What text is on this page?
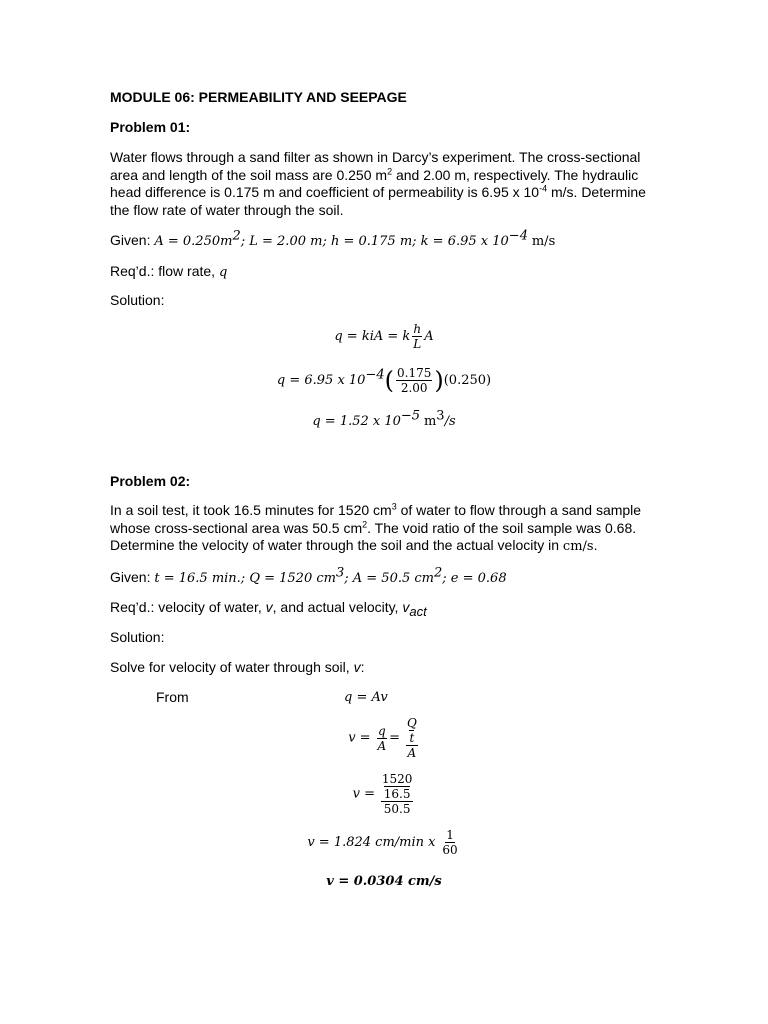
MODULE 06: PERMEABILITY AND SEEPAGE
Problem 01:
Water flows through a sand filter as shown in Darcy’s experiment. The cross-sectional
area and length of the soil mass are 0.250 $m^2$ and 2.00 m, respectively. The hydraulic
head difference is 0.175 m and coefficient of permeability is 6.95 x $10^{-4}$ m/s. Determine
the flow rate of water through the soil.
Given: $A = 0.250m^2$; L = 2.00 m; h = 0.175 m; k = 6.95 x $10^{-4}$ m/s
Req’d.: flow rate, q
Solution:
q = kiA = k $\frac{h}{L}$ A
q = 6.95 x $10^{-4}( \frac{0.175}{2.00} )(0.250)$
q = 1.52 x $10^{-5}$ $m^3/s$
Problem 02:
In a soil test, it took 16.5 minutes for 1520 $cm^3$ of water to flow through a sand sample
whose cross-sectional area was 50.5 $cm^2$. The void ratio of the soil sample was 0.68.
Determine the velocity of water through the soil and the actual velocity in cm/s.
Given: t = 16.5 min.; Q = 1520 $cm^3$; A = 50.5 $cm^2$; e = 0.68
Req’d.: velocity of water, v, and actual velocity, $v_{act}$
Solution:
Solve for velocity of water through soil, v:
From	q = Av
$v = \frac{q}{A} = Q$
t
A
v = 1520
16.5
50.5
v = 1.824 cm/min x $\frac{1}{60}$
v = 0.0304 cm/s
